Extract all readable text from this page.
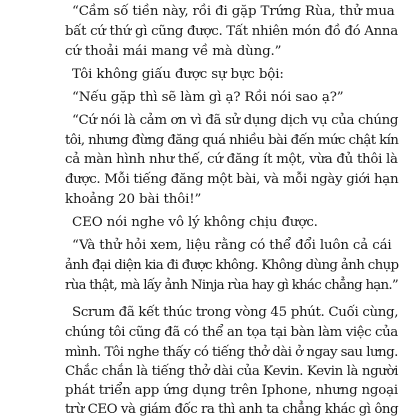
“Cầm số tiền này, rồi đi gặp Trứng Rùa, thử mua
bất cứ thứ gì cũng được. Tất nhiên món đồ đó Anna
cứ thoải mái mang về mà dùng.”
Tôi không giấu được sự bực bội:
“Nếu gặp thì sẽ làm gì ạ? Rồi nói sao ạ?”
“Cứ nói là cảm ơn vì đã sử dụng dịch vụ của chúng
tôi, nhưng đừng đăng quá nhiều bài đến mức chật kín
cả màn hình như thế, cứ đăng ít một, vừa đủ thôi là
được. Mỗi tiếng đăng một bài, và mỗi ngày giới hạn
khoảng 20 bài thôi!”
CEO nói nghe vô lý không chịu được.
“Và thử hỏi xem, liệu rằng có thể đổi luôn cả cái
ảnh đại diện kia đi được không. Không dùng ảnh chụp
rùa thật, mà lấy ảnh Ninja rùa hay gì khác chẳng hạn.”
Scrum đã kết thúc trong vòng 45 phút. Cuối cùng,
chúng tôi cũng đã có thể an tọa tại bàn làm việc của
mình. Tôi nghe thấy có tiếng thở dài ở ngay sau lưng.
Chắc chắn là tiếng thở dài của Kevin. Kevin là người
phát triển app ứng dụng trên Iphone, nhưng ngoại
trừ CEO và giám đốc ra thì anh ta chẳng khác gì ông
